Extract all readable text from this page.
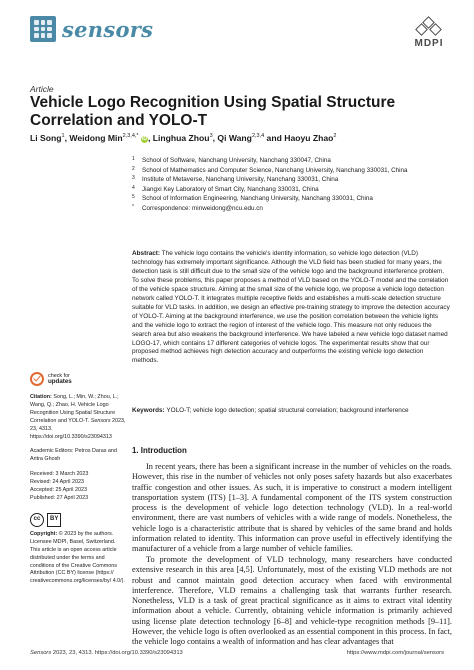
sensors
MDPI
Article
Vehicle Logo Recognition Using Spatial Structure Correlation and YOLO-T
Li Song$^1$, Weidong Min$^{2,3,4,*}$ iD, Linghua Zhou$^3$, Qi Wang$^{2,3,4}$ and Haoyu Zhao$^2$
1 School of Software, Nanchang University, Nanchang 330047, China
2 School of Mathematics and Computer Science, Nanchang University, Nanchang 330031, China
3 Institute of Metaverse, Nanchang University, Nanchang 330031, China
4 Jiangxi Key Laboratory of Smart City, Nanchang 330031, China
5 School of Information Engineering, Nanchang University, Nanchang 330031, China
* Correspondence: minweidong@ncu.edu.cn
Abstract: The vehicle logo contains the vehicle's identity information, so vehicle logo detection (VLD) technology has extremely important significance. Although the VLD field has been studied for many years, the detection task is still difficult due to the small size of the vehicle logo and the background interference problem. To solve these problems, this paper proposes a method of VLD based on the YOLO-T model and the correlation of the vehicle space structure. Aiming at the small size of the vehicle logo, we propose a vehicle logo detection network called YOLO-T. It integrates multiple receptive fields and establishes a multi-scale detection structure suitable for VLD tasks. In addition, we design an effective pre-training strategy to improve the detection accuracy of YOLO-T. Aiming at the background interference, we use the position correlation between the vehicle lights and the vehicle logo to extract the region of interest of the vehicle logo. This measure not only reduces the search area but also weakens the background interference. We have labeled a new vehicle logo dataset named LOGO-17, which contains 17 different categories of vehicle logos. The experimental results show that our proposed method achieves high detection accuracy and outperforms the existing vehicle logo detection methods.
Keywords: YOLO-T; vehicle logo detection; spatial structural correlation; background interference
check for
updates
Citation: Song, L.; Min, W.; Zhou, L.; Wang, Q.; Zhao, H. Vehicle Logo Recognition Using Spatial Structure Correlation and YOLO-T. Sensors 2023, 23, 4313. https://doi.org/10.3390/s23094313
Academic Editors: Petros Daras and Aritra Ghosh
Received: 3 March 2023
Revised: 24 April 2023
Accepted: 25 April 2023
Published: 27 April 2023
cc	BY
Copyright: © 2023 by the authors. Licensee MDPI, Basel, Switzerland. This article is an open access article distributed under the terms and conditions of the Creative Commons Attribution (CC BY) license (https:// creativecommons.org/licenses/by/ 4.0/).
1. Introduction
In recent years, there has been a significant increase in the number of vehicles on the roads. However, this rise in the number of vehicles not only poses safety hazards but also exacerbates traffic congestion and other issues. As such, it is imperative to construct a modern intelligent transportation system (ITS) [1–3]. A fundamental component of the ITS system construction process is the development of vehicle logo detection technology (VLD). In a real-world environment, there are vast numbers of vehicles with a wide range of models. Nonetheless, the vehicle logo is a characteristic attribute that is shared by vehicles of the same brand and holds information related to identity. This information can prove useful in effectively identifying the manufacturer of a vehicle from a large number of vehicle families.
To promote the development of VLD technology, many researchers have conducted extensive research in this area [4,5]. Unfortunately, most of the existing VLD methods are not robust and cannot maintain good detection accuracy when faced with environmental interference. Therefore, VLD remains a challenging task that warrants further research. Nonetheless, VLD is a task of great practical significance as it aims to extract vital identity information about a vehicle. Currently, obtaining vehicle information is primarily achieved using license plate detection technology [6–8] and vehicle-type recognition methods [9–11]. However, the vehicle logo is often overlooked as an essential component in this process. In fact, the vehicle logo contains a wealth of information and has clear advantages that
Sensors 2023, 23, 4313. https://doi.org/10.3390/s23094313	https://www.mdpi.com/journal/sensors
